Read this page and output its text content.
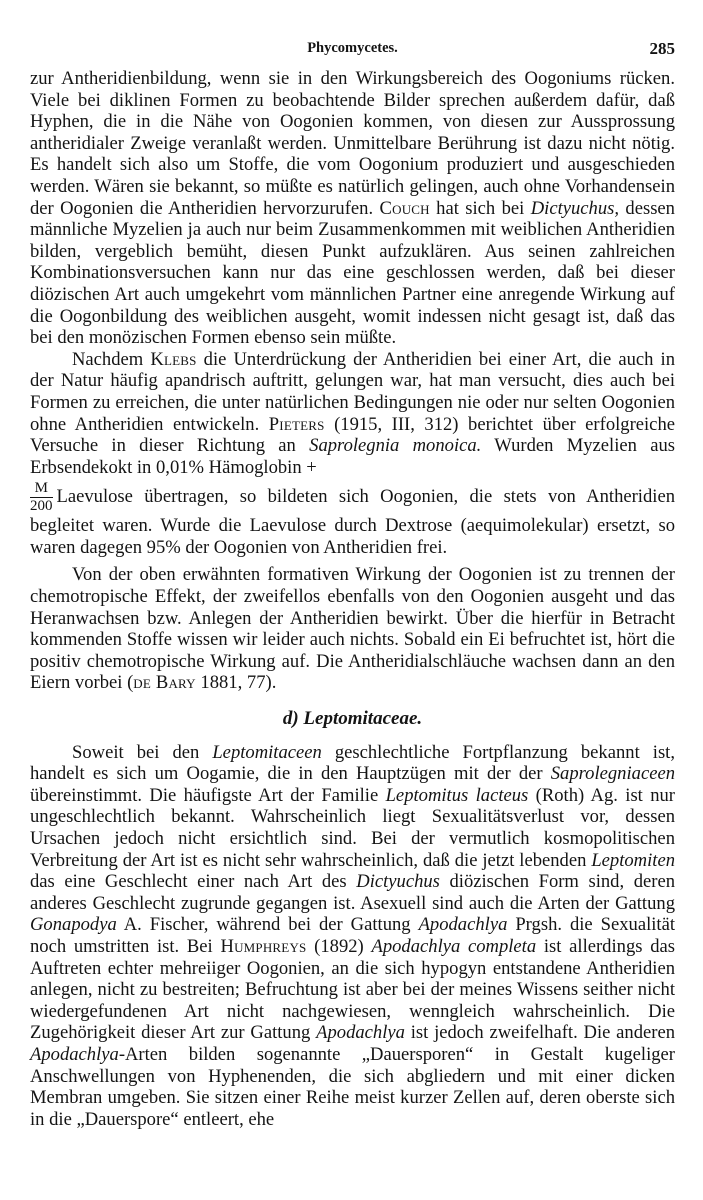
Phycomycetes.	285

zur Antheridienbildung, wenn sie in den Wirkungsbereich des Oogoniums rücken. Viele bei diklinen Formen zu beobachtende Bilder sprechen außerdem dafür, daß Hyphen, die in die Nähe von Oogonien kommen, von diesen zur Aussprossung antheridialer Zweige veranlaßt werden. Unmittelbare Berührung ist dazu nicht nötig. Es handelt sich also um Stoffe, die vom Oogonium produziert und ausgeschieden werden. Wären sie bekannt, so müßte es natürlich gelingen, auch ohne Vorhandensein der Oogonien die Antheridien hervorzurufen. Couch hat sich bei Dictyuchus, dessen männliche Myzelien ja auch nur beim Zusammenkommen mit weiblichen Antheridien bilden, vergeblich bemüht, diesen Punkt aufzuklären. Aus seinen zahlreichen Kombinationsversuchen kann nur das eine geschlossen werden, daß bei dieser diözischen Art auch umgekehrt vom männlichen Partner eine anregende Wirkung auf die Oogonbildung des weiblichen ausgeht, womit indessen nicht gesagt ist, daß das bei den monözischen Formen ebenso sein müßte.

Nachdem Klebs die Unterdrückung der Antheridien bei einer Art, die auch in der Natur häufig apandrisch auftritt, gelungen war, hat man versucht, dies auch bei Formen zu erreichen, die unter natürlichen Bedingungen nie oder nur selten Oogonien ohne Antheridien entwickeln. Pieters (1915, III, 312) berichtet über erfolgreiche Versuche in dieser Richtung an Saprolegnia monoica. Wurden Myzelien aus Erbsendekokt in 0,01% Hämoglobin +

$\frac{M}{200}$ Laevulose übertragen, so bildeten sich Oogonien, die stets von Antheridien begleitet waren. Wurde die Laevulose durch Dextrose (aequimolekular) ersetzt, so waren dagegen 95% der Oogonien von Antheridien frei.

Von der oben erwähnten formativen Wirkung der Oogonien ist zu trennen der chemotropische Effekt, der zweifellos ebenfalls von den Oogonien ausgeht und das Heranwachsen bzw. Anlegen der Antheridien bewirkt. Über die hierfür in Betracht kommenden Stoffe wissen wir leider auch nichts. Sobald ein Ei befruchtet ist, hört die positiv chemotropische Wirkung auf. Die Antheridialschläuche wachsen dann an den Eiern vorbei (de Bary 1881, 77).

d) Leptomitaceae.

Soweit bei den Leptomitaceen geschlechtliche Fortpflanzung bekannt ist, handelt es sich um Oogamie, die in den Hauptzügen mit der der Saprolegniaceen übereinstimmt. Die häufigste Art der Familie Leptomitus lacteus (Roth) Ag. ist nur ungeschlechtlich bekannt. Wahrscheinlich liegt Sexualitätsverlust vor, dessen Ursachen jedoch nicht ersichtlich sind. Bei der vermutlich kosmopolitischen Verbreitung der Art ist es nicht sehr wahrscheinlich, daß die jetzt lebenden Leptomiten das eine Geschlecht einer nach Art des Dictyuchus diözischen Form sind, deren anderes Geschlecht zugrunde gegangen ist. Asexuell sind auch die Arten der Gattung Gonapodya A. Fischer, während bei der Gattung Apodachlya Prgsh. die Sexualität noch umstritten ist. Bei Humphreys (1892) Apodachlya completa ist allerdings das Auftreten echter mehreiiger Oogonien, an die sich hypogyn entstandene Antheridien anlegen, nicht zu bestreiten; Befruchtung ist aber bei der meines Wissens seither nicht wiedergefundenen Art nicht nachgewiesen, wenngleich wahrscheinlich. Die Zugehörigkeit dieser Art zur Gattung Apodachlya ist jedoch zweifelhaft. Die anderen Apodachlya-Arten bilden sogenannte „Dauersporen“ in Gestalt kugeliger Anschwellungen von Hyphenenden, die sich abgliedern und mit einer dicken Membran umgeben. Sie sitzen einer Reihe meist kurzer Zellen auf, deren oberste sich in die „Dauerspore“ entleert, ehe
